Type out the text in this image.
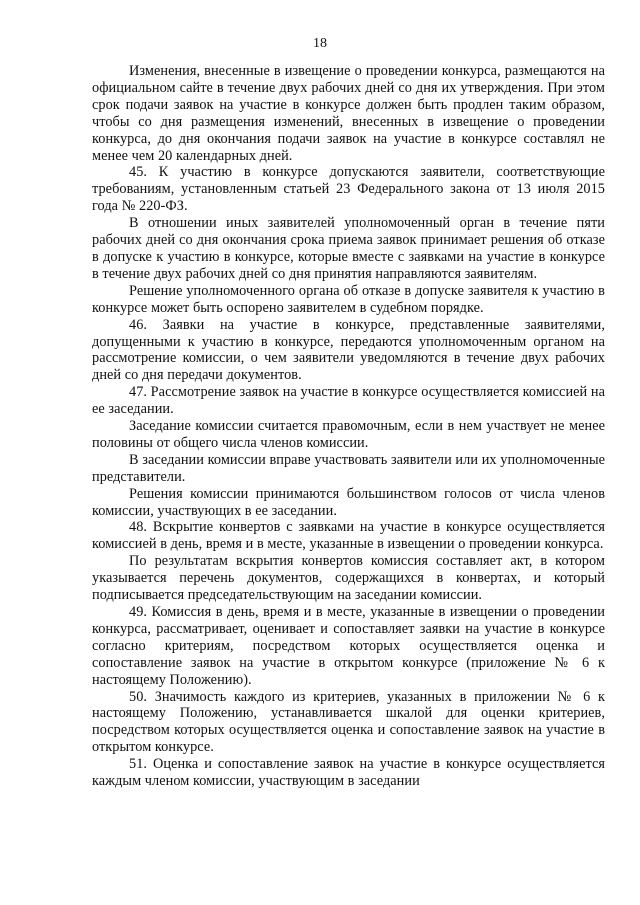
18

Изменения, внесенные в извещение о проведении конкурса, размещаются на официальном сайте в течение двух рабочих дней со дня их утверждения. При этом срок подачи заявок на участие в конкурсе должен быть продлен таким образом, чтобы со дня размещения изменений, внесенных в извещение о проведении конкурса, до дня окончания подачи заявок на участие в конкурсе составлял не менее чем 20 календарных дней.

45. К участию в конкурсе допускаются заявители, соответствующие требованиям, установленным статьей 23 Федерального закона от 13 июля 2015 года № 220-ФЗ.

В отношении иных заявителей уполномоченный орган в течение пяти рабочих дней со дня окончания срока приема заявок принимает решения об отказе в допуске к участию в конкурсе, которые вместе с заявками на участие в конкурсе в течение двух рабочих дней со дня принятия направляются заявителям.

Решение уполномоченного органа об отказе в допуске заявителя к участию в конкурсе может быть оспорено заявителем в судебном порядке.

46. Заявки на участие в конкурсе, представленные заявителями, допущенными к участию в конкурсе, передаются уполномоченным органом на рассмотрение комиссии, о чем заявители уведомляются в течение двух рабочих дней со дня передачи документов.

47. Рассмотрение заявок на участие в конкурсе осуществляется комиссией на ее заседании.

Заседание комиссии считается правомочным, если в нем участвует не менее половины от общего числа членов комиссии.

В заседании комиссии вправе участвовать заявители или их уполномоченные представители.

Решения комиссии принимаются большинством голосов от числа членов комиссии, участвующих в ее заседании.

48. Вскрытие конвертов с заявками на участие в конкурсе осуществляется комиссией в день, время и в месте, указанные в извещении о проведении конкурса.

По результатам вскрытия конвертов комиссия составляет акт, в котором указывается перечень документов, содержащихся в конвертах, и который подписывается председательствующим на заседании комиссии.

49. Комиссия в день, время и в месте, указанные в извещении о проведении конкурса, рассматривает, оценивает и сопоставляет заявки на участие в конкурсе согласно критериям, посредством которых осуществляется оценка и сопоставление заявок на участие в открытом конкурсе (приложение № 6 к настоящему Положению).

50. Значимость каждого из критериев, указанных в приложении № 6 к настоящему Положению, устанавливается шкалой для оценки критериев, посредством которых осуществляется оценка и сопоставление заявок на участие в открытом конкурсе.

51. Оценка и сопоставление заявок на участие в конкурсе осуществляется каждым членом комиссии, участвующим в заседании
